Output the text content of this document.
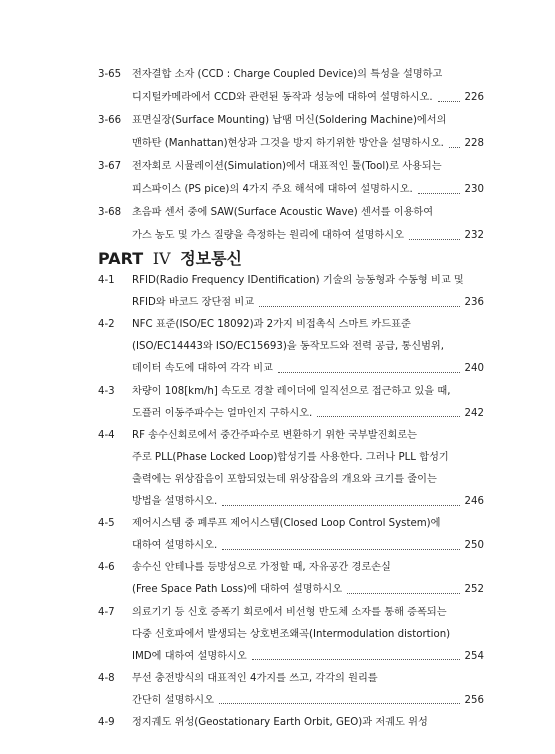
3-65	전자결합 소자 (CCD : Charge Coupled Device)의 특성을 설명하고
디지털카메라에서 CCD와 관련된 동작과 성능에 대하여 설명하시오.	226
3-66	표면실장(Surface Mounting) 납땜 머신(Soldering Machine)에서의
맨하탄 (Manhattan)현상과 그것을 방지 하기위한 방안을 설명하시오. 228
3-67	전자회로 시뮬레이션(Simulation)에서 대표적인 툴(Tool)로 사용되는
피스파이스 (PS pice)의 4가지 주요 해석에 대하여 설명하시오.	230
3-68	초음파 센서 중에 SAW(Surface Acoustic Wave) 센서를 이용하여
가스 농도 및 가스 질량을 측정하는 원리에 대하여 설명하시오	232
PART IV 정보통신
4-1	RFID(Radio Frequency IDentification) 기술의 능동형과 수동형 비교 및
RFID와 바코드 장단점 비교	236
4-2	NFC 표준(ISO/EC 18092)과 2가지 비접촉식 스마트 카드표준
(ISO/EC14443와 ISO/EC15693)을 동작모드와 전력 공급, 통신범위,
데이터 속도에 대하여 각각 비교	240
4-3	차량이 108[km/h] 속도로 경찰 레이더에 일직선으로 접근하고 있을 때,
도플러 이동주파수는 얼마인지 구하시오.	242
4-4	RF 송수신회로에서 중간주파수로 변환하기 위한 국부발진회로는
주로 PLL(Phase Locked Loop)합성기를 사용한다. 그러나 PLL 합성기
출력에는 위상잡음이 포함되었는데 위상잡음의 개요와 크기를 줄이는
방법을 설명하시오.	246
4-5	제어시스템 중 폐루프 제어시스템(Closed Loop Control System)에
대하여 설명하시오.	250
4-6	송수신 안테나를 등방성으로 가정할 때, 자유공간 경로손실
(Free Space Path Loss)에 대하여 설명하시오	252
4-7	의료기기 등 신호 증폭기 회로에서 비선형 반도체 소자를 통해 증폭되는
다중 신호파에서 발생되는 상호변조왜곡(Intermodulation distortion)
IMD에 대하여 설명하시오	254
4-8	무선 충전방식의 대표적인 4가지를 쓰고, 각각의 원리를
간단히 설명하시오	256
4-9	정지궤도 위성(Geostationary Earth Orbit, GEO)과 저궤도 위성
